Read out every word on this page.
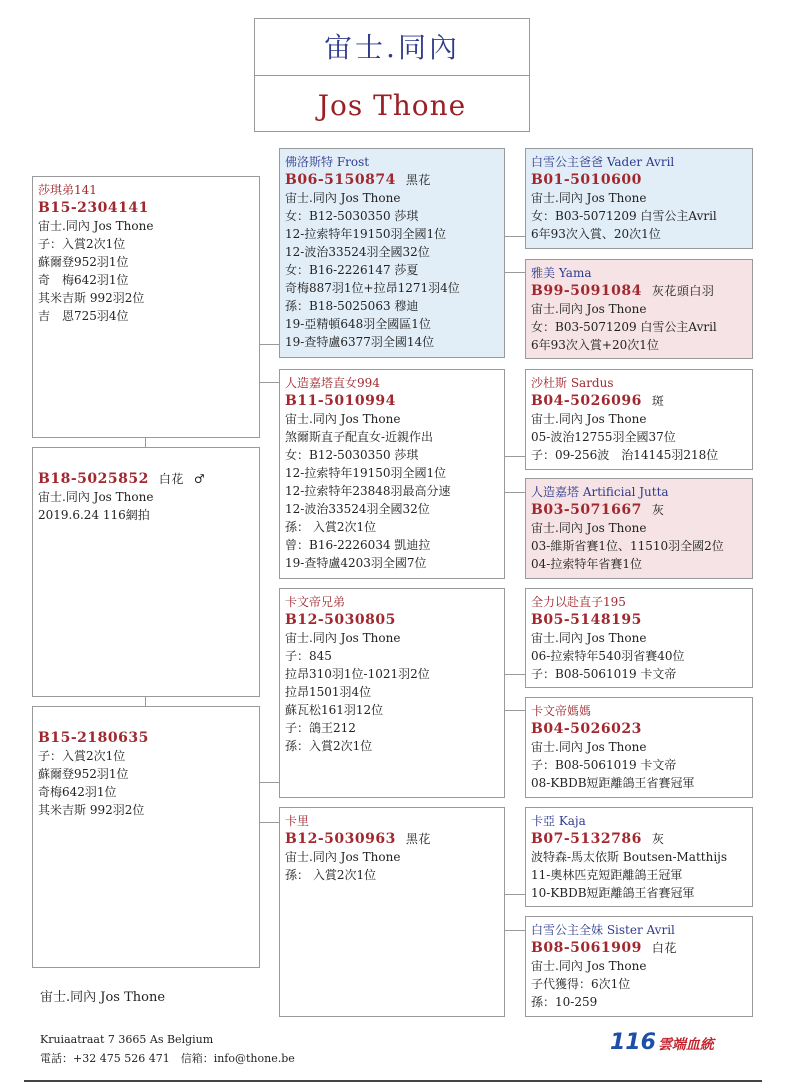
宙士.同內
Jos Thone
莎琪弟141
B15-2304141
宙士.同內 Jos Thone
子：入賞2次1位
蘇爾登952羽1位
奇　梅642羽1位
其米吉斯 992羽2位
吉　恩725羽4位
B18-5025852 白花 ♂
宙士.同內 Jos Thone
2019.6.24 116網拍
B15-2180635
子：入賞2次1位
蘇爾登952羽1位
奇梅642羽1位
其米吉斯 992羽2位
佛洛斯特 Frost
B06-5150874 黑花
宙士.同內 Jos Thone
女：B12-5030350 莎琪
12-拉索特年19150羽全國1位
12-波治33524羽全國32位
女：B16-2226147 莎夏
奇梅887羽1位+拉昂1271羽4位
孫：B18-5025063 穆迪
19-亞精頓648羽全國區1位
19-查特盧6377羽全國14位
人造嘉塔直女994
B11-5010994
宙士.同內 Jos Thone
煞爾斯直子配直女-近親作出
女：B12-5030350 莎琪
12-拉索特年19150羽全國1位
12-拉索特年23848羽最高分速
12-波治33524羽全國32位
孫： 入賞2次1位
曾：B16-2226034 凱迪拉
19-查特盧4203羽全國7位
卡文帝兄弟
B12-5030805
宙士.同內 Jos Thone
子：845
拉昂310羽1位-1021羽2位
拉昂1501羽4位
蘇瓦松161羽12位
子：鴿王212
孫：入賞2次1位
卡里
B12-5030963 黑花
宙士.同內 Jos Thone
孫： 入賞2次1位
白雪公主爸爸 Vader Avril
B01-5010600
宙士.同內 Jos Thone
女：B03-5071209 白雪公主Avril
6年93次入賞、20次1位
雅美 Yama
B99-5091084 灰花頭白羽
宙士.同內 Jos Thone
女：B03-5071209 白雪公主Avril
6年93次入賞+20次1位
沙杜斯 Sardus
B04-5026096 斑
宙士.同內 Jos Thone
05-波治12755羽全國37位
子：09-256波　治14145羽218位
人造嘉塔 Artificial Jutta
B03-5071667 灰
宙士.同內 Jos Thone
03-維斯省賽1位、11510羽全國2位
04-拉索特年省賽1位
全力以赴直子195
B05-5148195
宙士.同內 Jos Thone
06-拉索特年540羽省賽40位
子：B08-5061019 卡文帝
卡文帝媽媽
B04-5026023
宙士.同內 Jos Thone
子：B08-5061019 卡文帝
08-KBDB短距離鴿王省賽冠軍
卡亞 Kaja
B07-5132786 灰
波特森-馬太依斯 Boutsen-Matthijs
11-奧林匹克短距離鴿王冠軍
10-KBDB短距離鴿王省賽冠軍
白雪公主全妹 Sister Avril
B08-5061909 白花
宙士.同內 Jos Thone
子代獲得：6次1位
孫：10-259
宙士.同內 Jos Thone
Kruiaatraat 7 3665 As Belgium
電話：+32 475 526 471　信箱：info@thone.be
116 雲端血統
